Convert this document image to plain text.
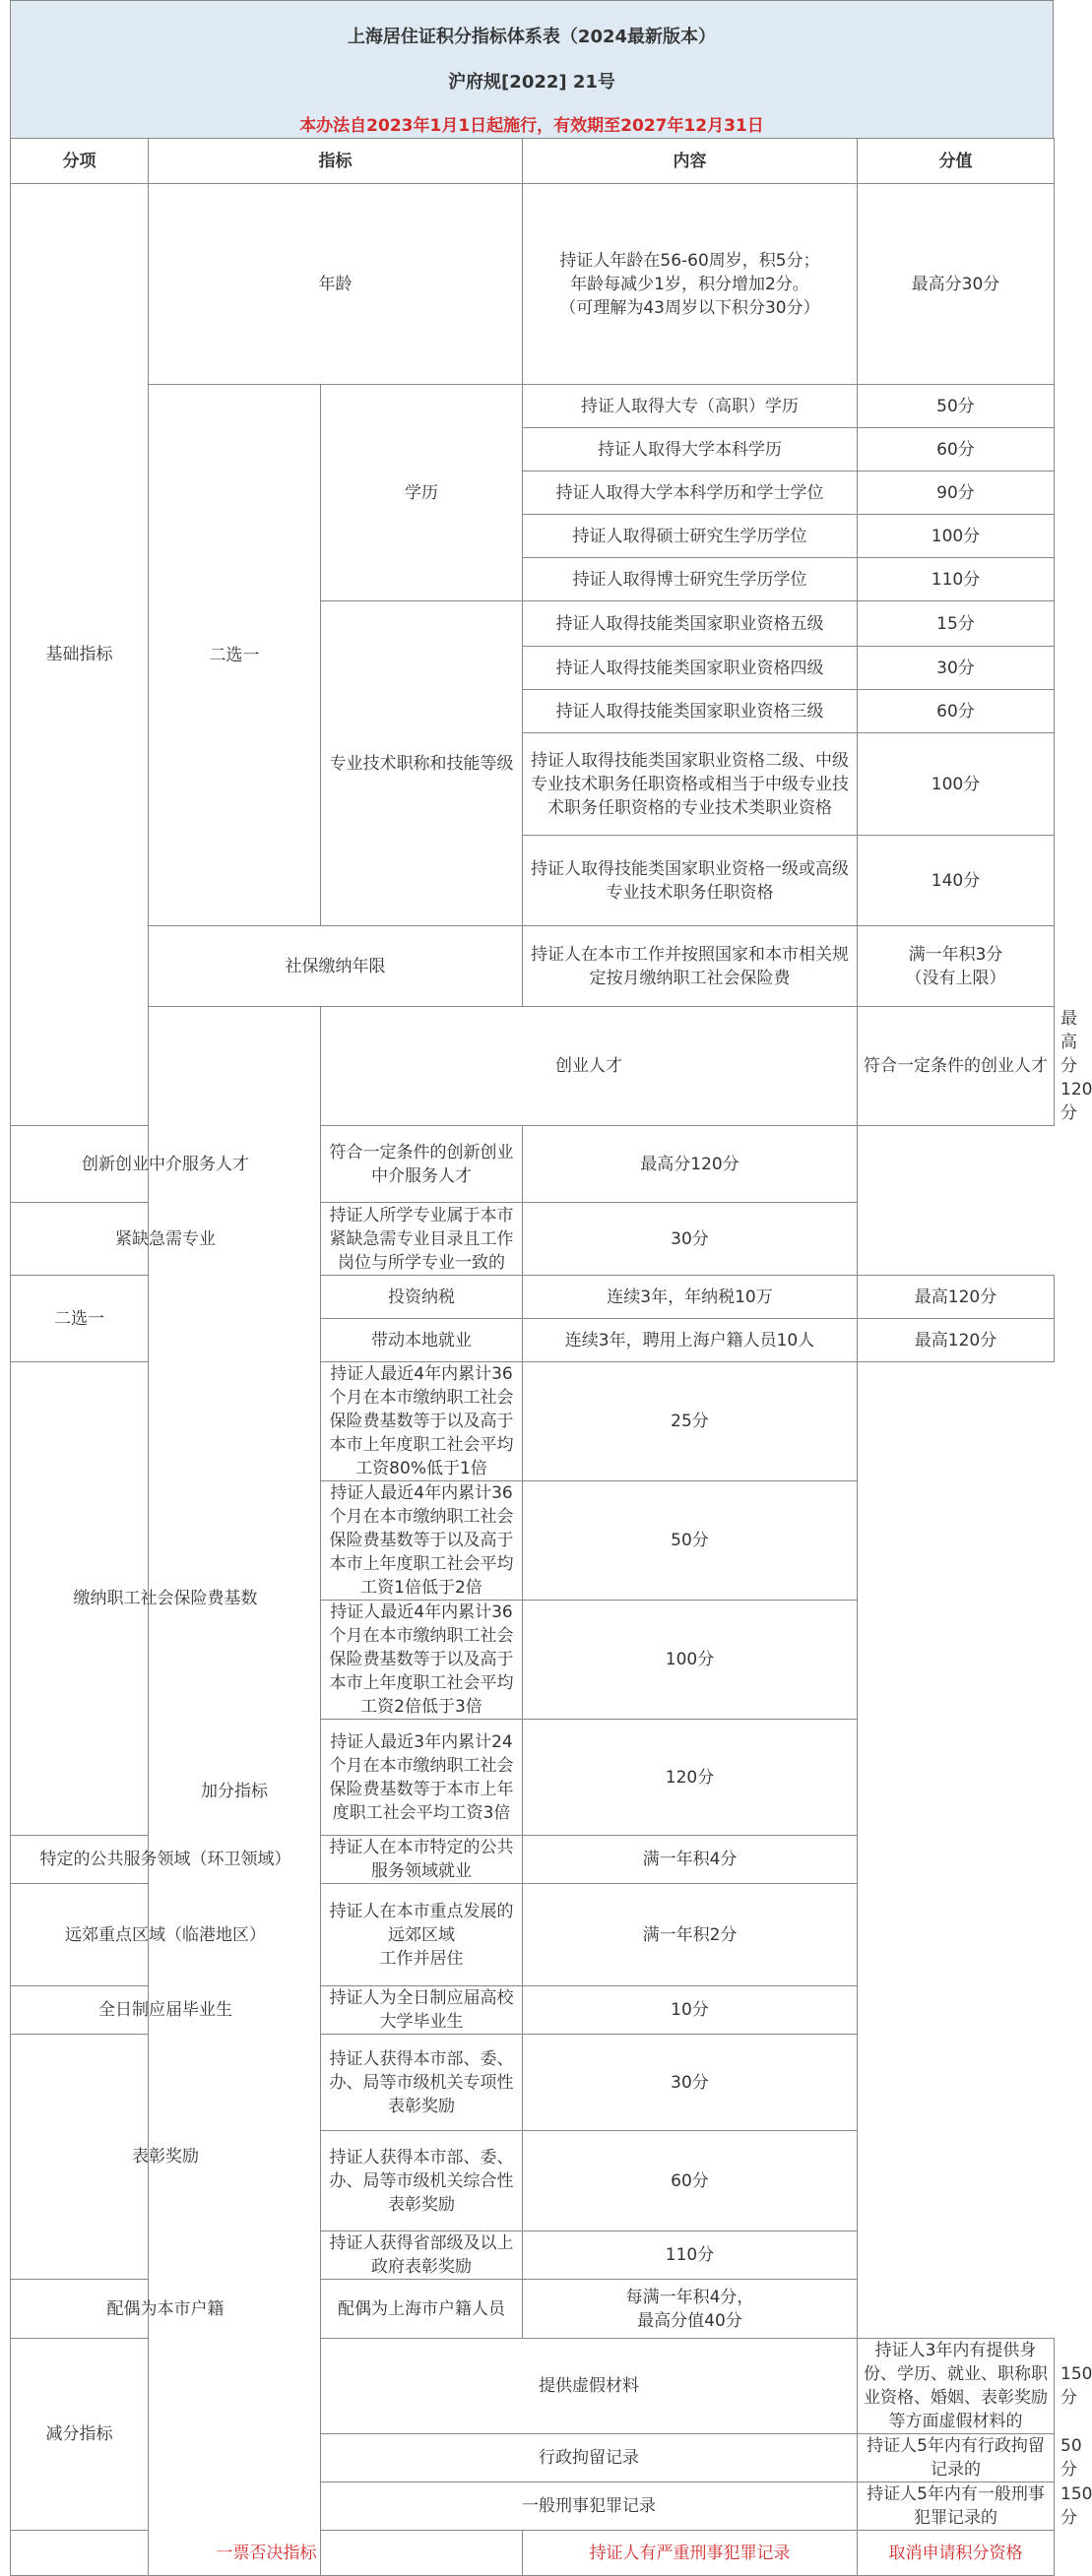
上海居住证积分指标体系表（2024最新版本）
沪府规[2022] 21号
本办法自2023年1月1日起施行，有效期至2027年12月31日
分项	指标		内容	分值	
基础指标	年龄		持证人年龄在56-60周岁，积5分；
年龄每减少1岁，积分增加2分。
（可理解为43周岁以下积分30分）	最高分30分	
	二选一	学历	持证人取得大专（高职）学历	50分	
			持证人取得大学本科学历	60分	
			持证人取得大学本科学历和学士学位	90分	
			持证人取得硕士研究生学历学位	100分	
			持证人取得博士研究生学历学位	110分	
		专业技术职称和技能等级	持证人取得技能类国家职业资格五级	15分	
			持证人取得技能类国家职业资格四级	30分	
			持证人取得技能类国家职业资格三级	60分	
			持证人取得技能类国家职业资格二级、中级专业技术职务任职资格或相当于中级专业技术职务任职资格的专业技术类职业资格	100分	
			持证人取得技能类国家职业资格一级或高级专业技术职务任职资格	140分	
	社保缴纳年限		持证人在本市工作并按照国家和本市相关规定按月缴纳职工社会保险费	满一年积3分
（没有上限）	
	加分指标	创业人才		符合一定条件的创业人才	最高分120分
创新创业中介服务人才		符合一定条件的创新创业中介服务人才	最高分120分		
紧缺急需专业		持证人所学专业属于本市紧缺急需专业目录且工作岗位与所学专业一致的	30分		
二选一		投资纳税	连续3年，年纳税10万	最高120分	
		带动本地就业	连续3年，聘用上海户籍人员10人	最高120分	
缴纳职工社会保险费基数		持证人最近4年内累计36个月在本市缴纳职工社会保险费基数等于以及高于本市上年度职工社会平均工资80%低于1倍	25分		
		持证人最近4年内累计36个月在本市缴纳职工社会保险费基数等于以及高于本市上年度职工社会平均工资1倍低于2倍	50分		
		持证人最近4年内累计36个月在本市缴纳职工社会保险费基数等于以及高于本市上年度职工社会平均工资2倍低于3倍	100分		
		持证人最近3年内累计24个月在本市缴纳职工社会保险费基数等于本市上年度职工社会平均工资3倍	120分		
特定的公共服务领域（环卫领域）		持证人在本市特定的公共服务领域就业	满一年积4分		
远郊重点区域（临港地区）		持证人在本市重点发展的远郊区域
工作并居住	满一年积2分		
全日制应届毕业生		持证人为全日制应届高校大学毕业生	10分		
表彰奖励		持证人获得本市部、委、办、局等市级机关专项性表彰奖励	30分		
		持证人获得本市部、委、办、局等市级机关综合性表彰奖励	60分		
		持证人获得省部级及以上政府表彰奖励	110分		
配偶为本市户籍		配偶为上海市户籍人员	每满一年积4分，
最高分值40分		
减分指标		提供虚假材料		持证人3年内有提供身份、学历、就业、职称职业资格、婚姻、表彰奖励等方面虚假材料的	150分
		行政拘留记录		持证人5年内有行政拘留记录的	50分
		一般刑事犯罪记录		持证人5年内有一般刑事犯罪记录的	150分
一票否决指标			持证人有严重刑事犯罪记录	取消申请积分资格	
